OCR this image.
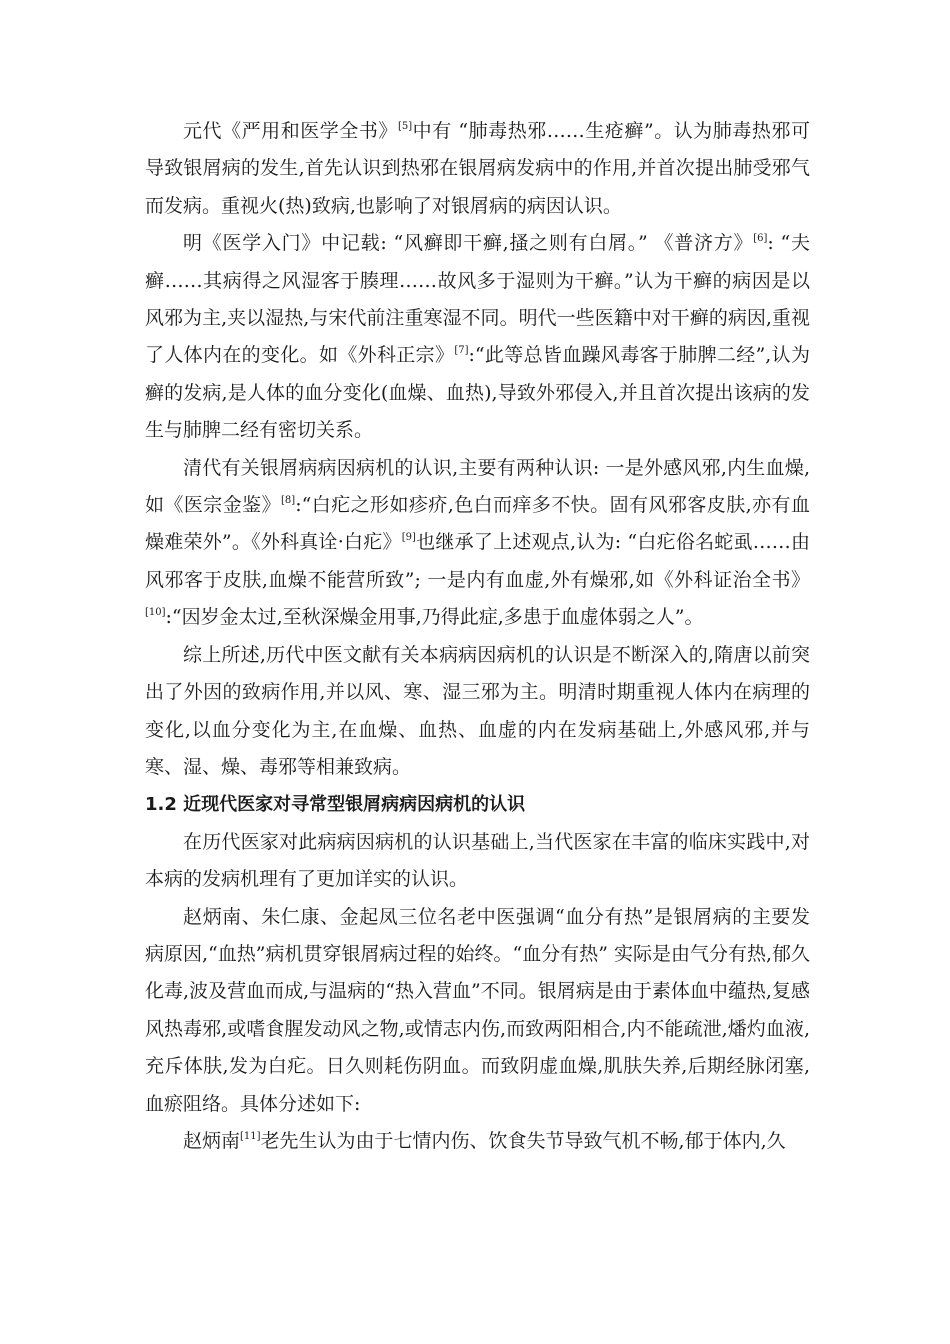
元代《严用和医学全书》[5]中有 “肺毒热邪……生疮癣”。认为肺毒热邪可导致银屑病的发生,首先认识到热邪在银屑病发病中的作用,并首次提出肺受邪气而发病。重视火(热)致病,也影响了对银屑病的病因认识。

明《医学入门》中记载: “风癣即干癣,搔之则有白屑。” 《普济方》[6]: “夫癣……其病得之风湿客于腠理……故风多于湿则为干癣。”认为干癣的病因是以风邪为主,夹以湿热,与宋代前注重寒湿不同。明代一些医籍中对干癣的病因,重视了人体内在的变化。如《外科正宗》[7]:“此等总皆血躁风毒客于肺脾二经”,认为癣的发病,是人体的血分变化(血燥、血热),导致外邪侵入,并且首次提出该病的发生与肺脾二经有密切关系。

清代有关银屑病病因病机的认识,主要有两种认识: 一是外感风邪,内生血燥,如《医宗金鉴》[8]:“白疕之形如疹疥,色白而痒多不快。固有风邪客皮肤,亦有血燥难荣外”。《外科真诠·白疕》[9]也继承了上述观点,认为: “白疕俗名蛇虱……由风邪客于皮肤,血燥不能营所致”; 一是内有血虚,外有燥邪,如《外科证治全书》[10]:“因岁金太过,至秋深燥金用事,乃得此症,多患于血虚体弱之人”。

综上所述,历代中医文献有关本病病因病机的认识是不断深入的,隋唐以前突出了外因的致病作用,并以风、寒、湿三邪为主。明清时期重视人体内在病理的变化,以血分变化为主,在血燥、血热、血虚的内在发病基础上,外感风邪,并与寒、湿、燥、毒邪等相兼致病。

1.2 近现代医家对寻常型银屑病病因病机的认识

在历代医家对此病病因病机的认识基础上,当代医家在丰富的临床实践中,对本病的发病机理有了更加详实的认识。

赵炳南、朱仁康、金起凤三位名老中医强调“血分有热”是银屑病的主要发病原因,“血热”病机贯穿银屑病过程的始终。“血分有热” 实际是由气分有热,郁久化毒,波及营血而成,与温病的“热入营血”不同。银屑病是由于素体血中蕴热,复感风热毒邪,或嗜食腥发动风之物,或情志内伤,而致两阳相合,内不能疏泄,燔灼血液,充斥体肤,发为白疕。日久则耗伤阴血。而致阴虚血燥,肌肤失养,后期经脉闭塞,血瘀阻络。具体分述如下:

赵炳南[11]老先生认为由于七情内伤、饮食失节导致气机不畅,郁于体内,久
